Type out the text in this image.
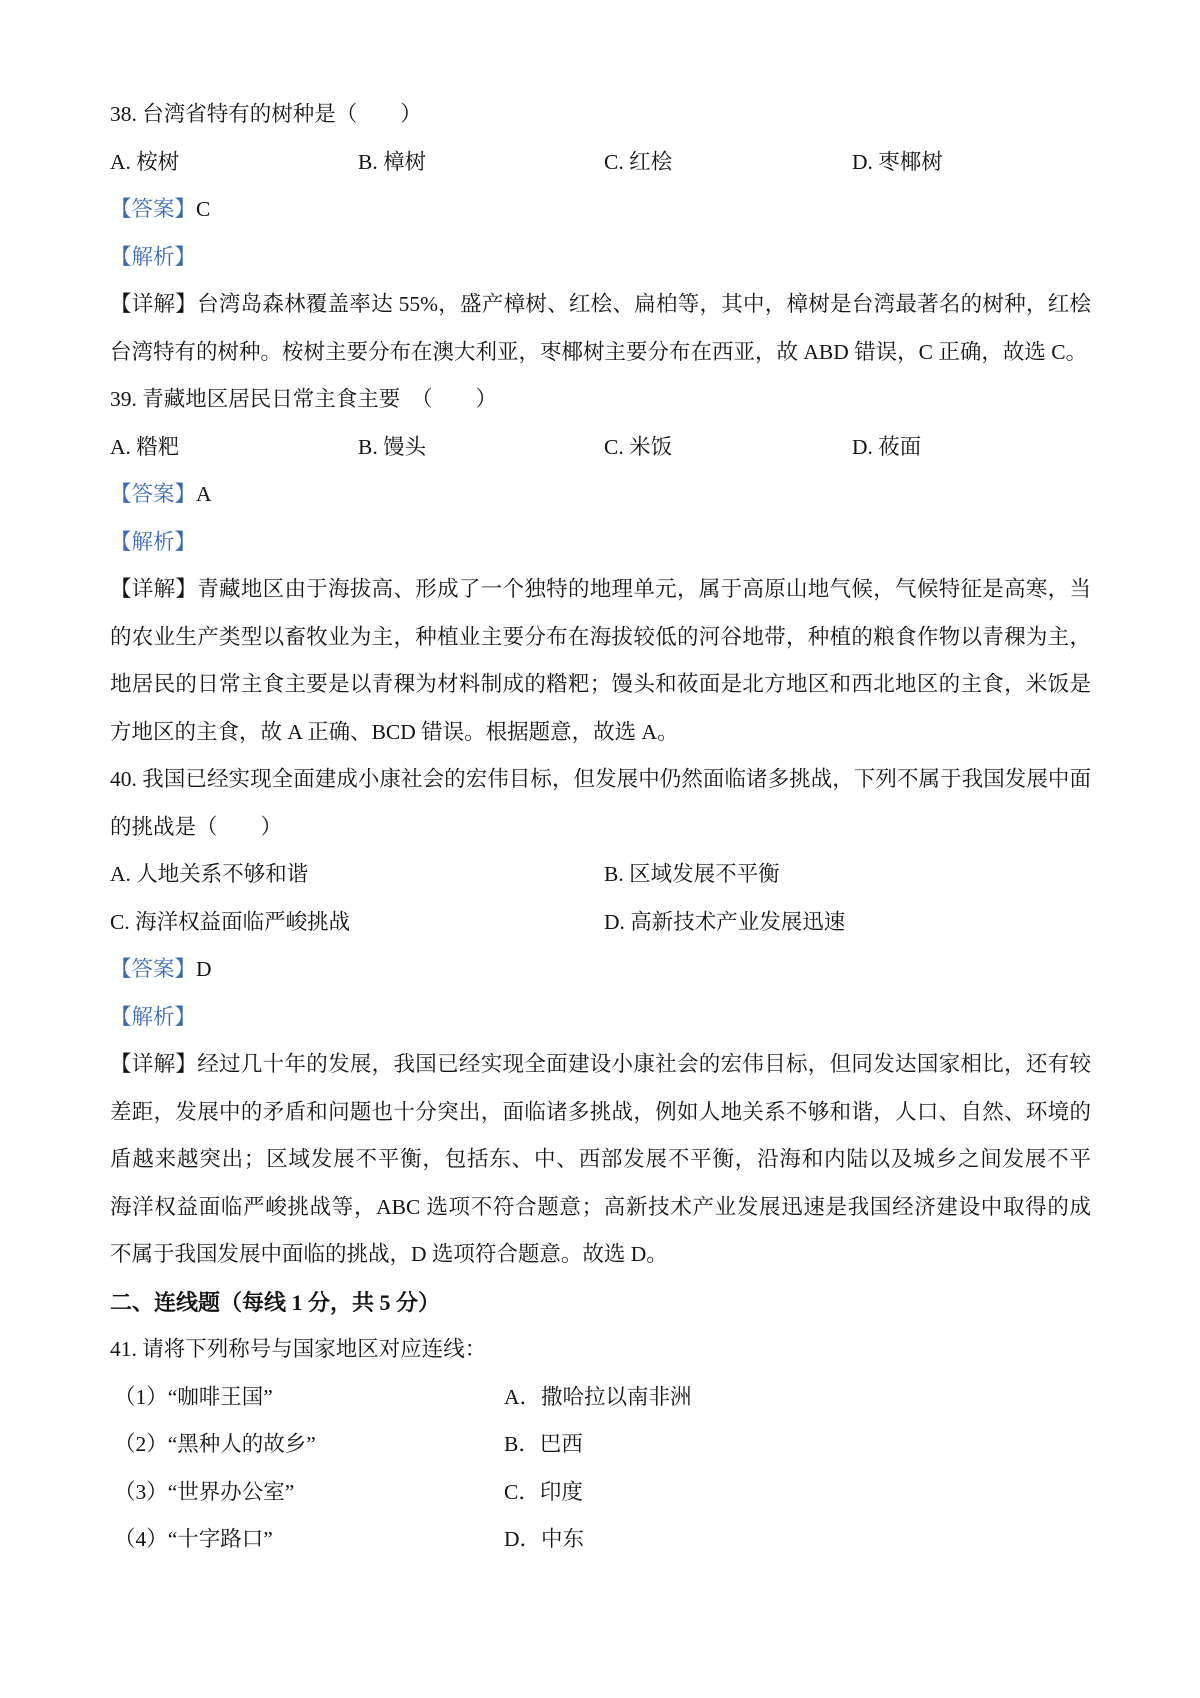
38. 台湾省特有的树种是（　　）
A. 桉树	B. 樟树	C. 红桧	D. 枣椰树
【答案】C
【解析】
【详解】台湾岛森林覆盖率达 55%，盛产樟树、红桧、扁柏等，其中，樟树是台湾最著名的树种，红桧
台湾特有的树种。桉树主要分布在澳大利亚，枣椰树主要分布在西亚，故 ABD 错误，C 正确，故选 C。
39. 青藏地区居民日常主食主要　（　　）
A. 糌粑	B. 馒头	C. 米饭	D. 莜面
【答案】A
【解析】
【详解】青藏地区由于海拔高、形成了一个独特的地理单元，属于高原山地气候，气候特征是高寒，当
的农业生产类型以畜牧业为主，种植业主要分布在海拔较低的河谷地带，种植的粮食作物以青稞为主，
地居民的日常主食主要是以青稞为材料制成的糌粑；馒头和莜面是北方地区和西北地区的主食，米饭是
方地区的主食，故 A 正确、BCD 错误。根据题意，故选 A。
40. 我国已经实现全面建成小康社会的宏伟目标，但发展中仍然面临诸多挑战，下列不属于我国发展中面
的挑战是（　　）
A. 人地关系不够和谐	B. 区域发展不平衡
C. 海洋权益面临严峻挑战	D. 高新技术产业发展迅速
【答案】D
【解析】
【详解】经过几十年的发展，我国已经实现全面建设小康社会的宏伟目标，但同发达国家相比，还有较
差距，发展中的矛盾和问题也十分突出，面临诸多挑战，例如人地关系不够和谐，人口、自然、环境的
盾越来越突出；区域发展不平衡，包括东、中、西部发展不平衡，沿海和内陆以及城乡之间发展不平
海洋权益面临严峻挑战等，ABC 选项不符合题意；高新技术产业发展迅速是我国经济建设中取得的成
不属于我国发展中面临的挑战，D 选项符合题意。故选 D。
二、连线题（每线 1 分，共 5 分）
41. 请将下列称号与国家地区对应连线：
（1）“咖啡王国”	A．撒哈拉以南非洲
（2）“黑种人的故乡”	B．巴西
（3）“世界办公室”	C．印度
（4）“十字路口”	D．中东
